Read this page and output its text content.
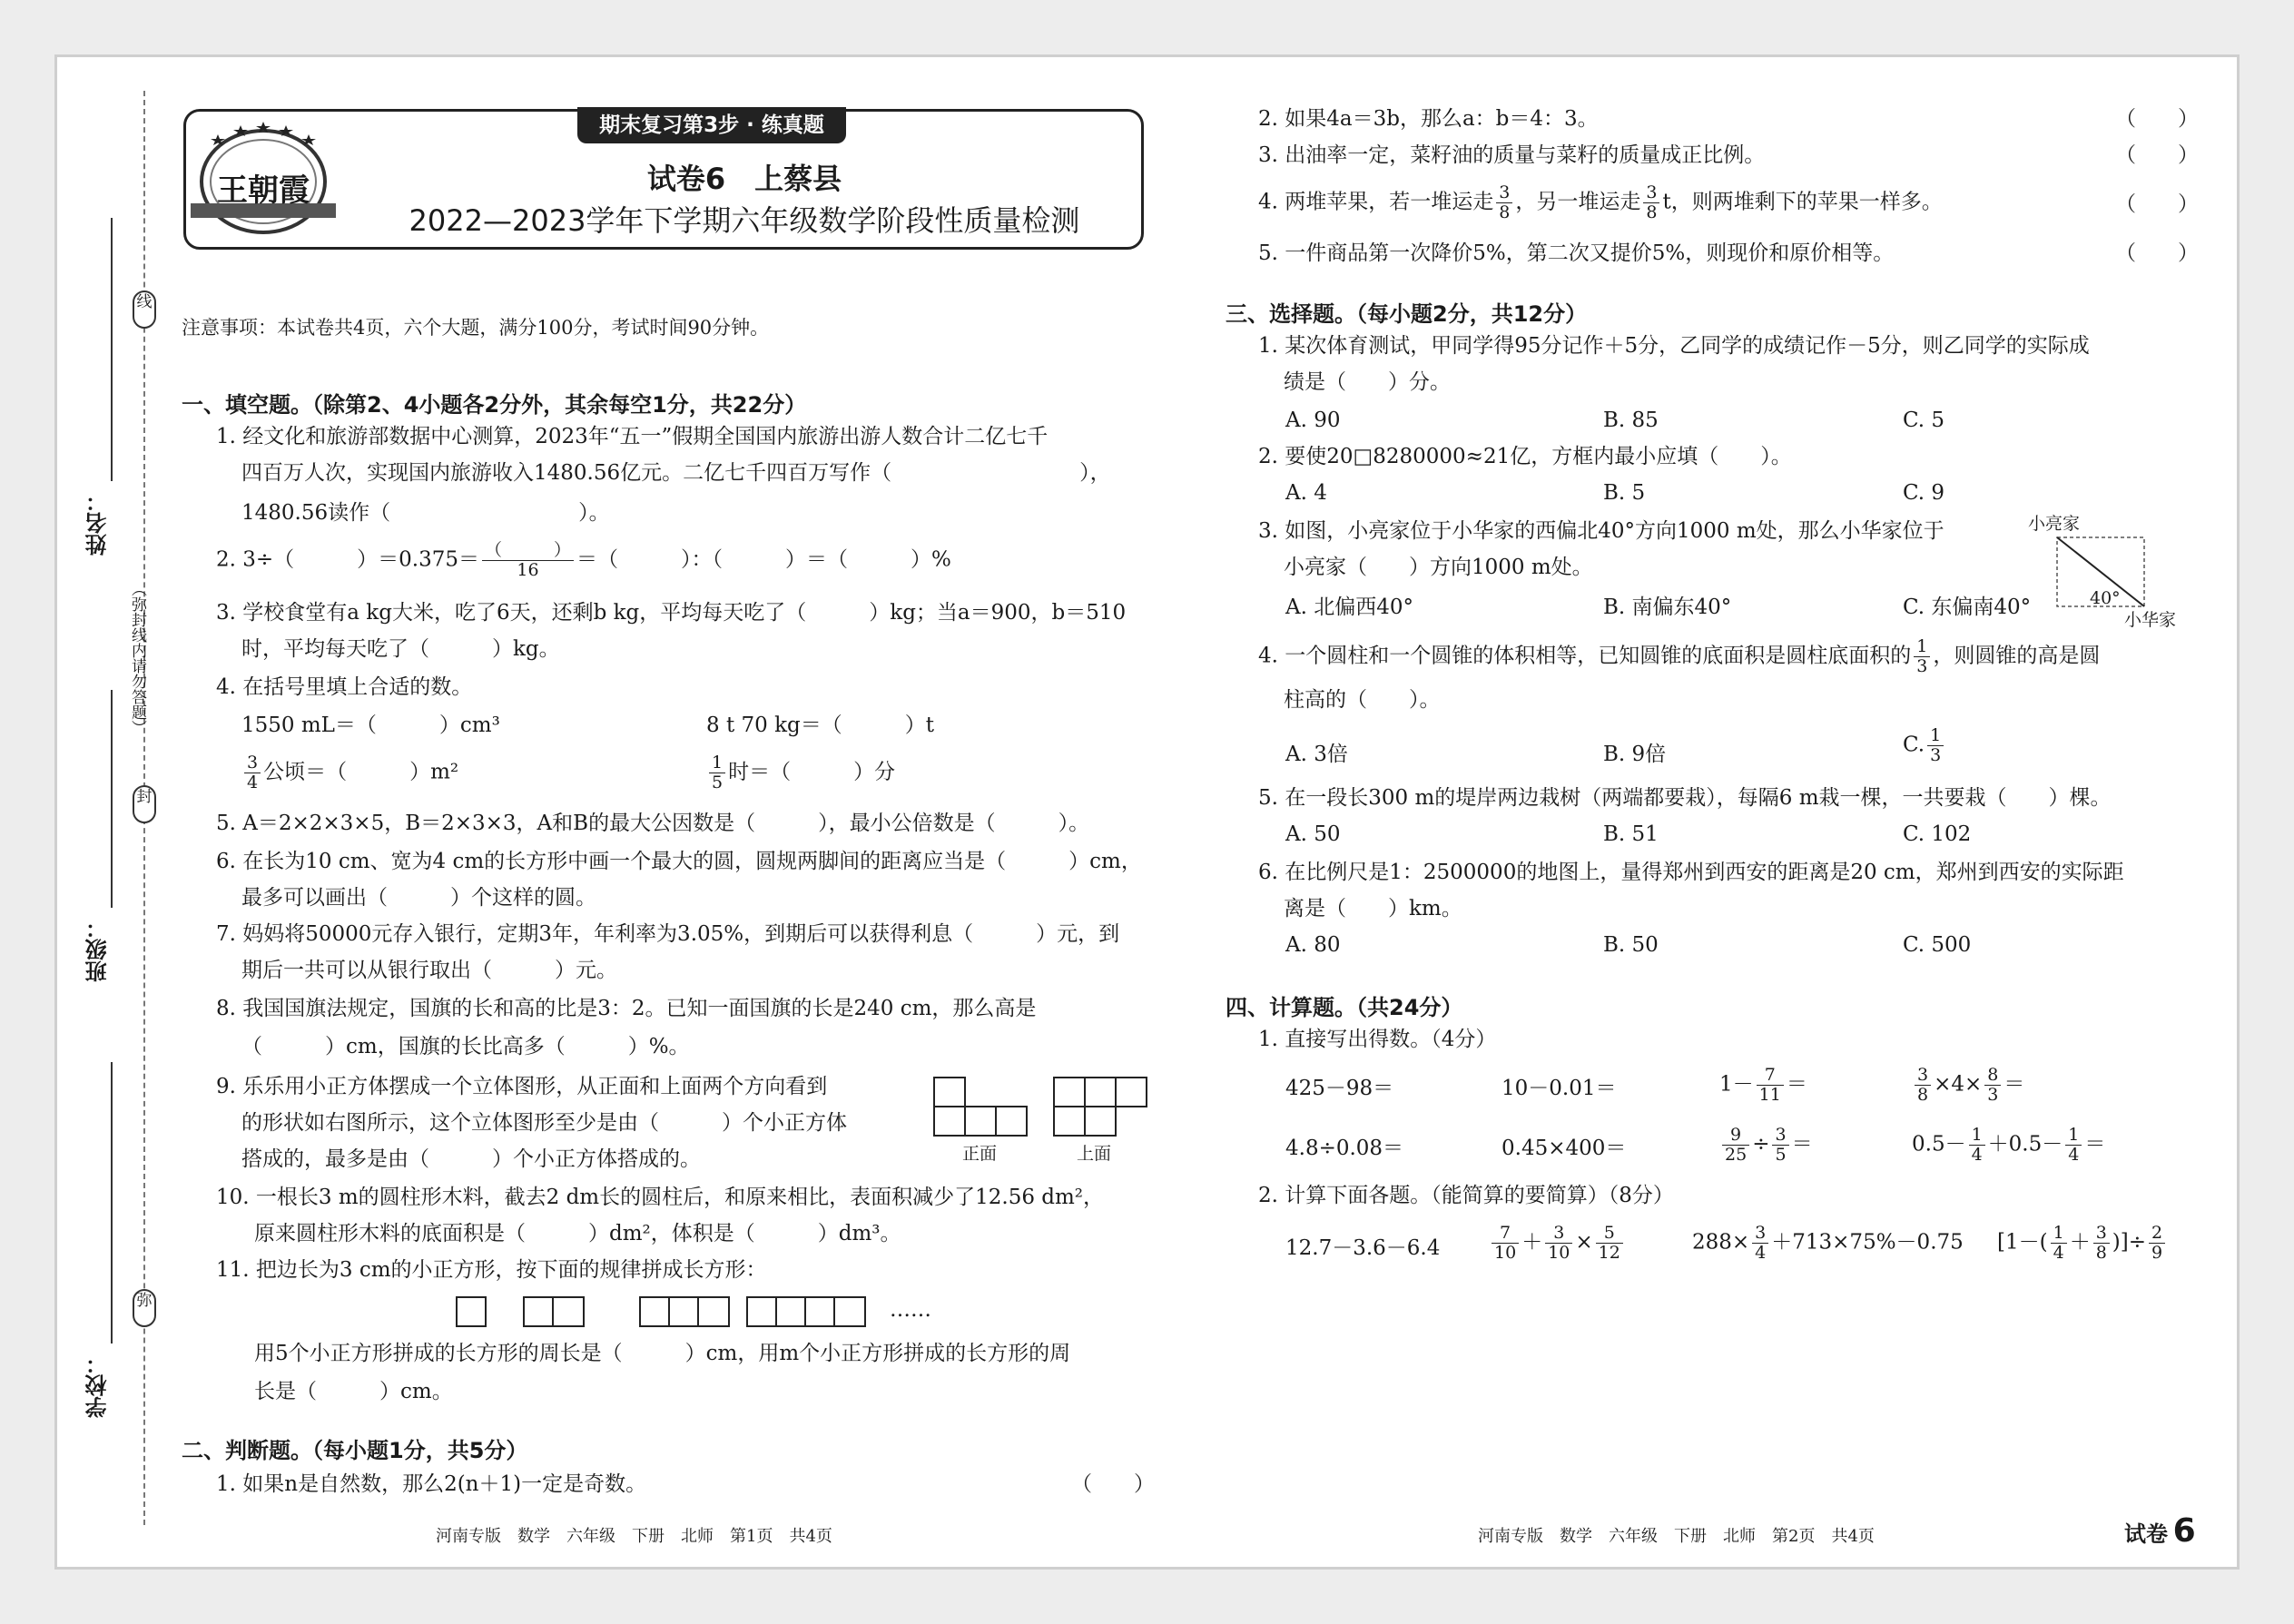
线
封
弥
（弥封线内请勿答题）
姓名：
班级：
学校：
王朝霞
期末复习第3步 · 练真题
试卷6　上蔡县
2022—2023学年下学期六年级数学阶段性质量检测
注意事项：本试卷共4页，六个大题，满分100分，考试时间90分钟。
一、填空题。（除第2、4小题各2分外，其余每空1分，共22分）
1. 经文化和旅游部数据中心测算，2023年“五一”假期全国国内旅游出游人数合计二亿七千
四百万人次，实现国内旅游收入1480.56亿元。二亿七千四百万写作（　　　　　　　　　），
1480.56读作（　　　　　　　　　）。
2. 3÷（　　　）$=0.375= \frac{( )}{16}$ ＝（　　　）：（　　　）＝（　　　）%
3. 学校食堂有a kg大米，吃了6天，还剩b kg，平均每天吃了（　　　）kg；当a＝900，b＝510
时，平均每天吃了（　　　）kg。
4. 在括号里填上合适的数。
1550 mL＝（　　　）cm³	8 t 70 kg＝（　　　）t
$\frac{3}{4}$ 公顷＝（　　　）m²	$\frac{1}{5}$ 时＝（　　　）分
5. A＝2×2×3×5，B＝2×3×3，A和B的最大公因数是（　　　），最小公倍数是（　　　）。
6. 在长为10 cm、宽为4 cm的长方形中画一个最大的圆，圆规两脚间的距离应当是（　　　）cm，
最多可以画出（　　　）个这样的圆。
7. 妈妈将50000元存入银行，定期3年，年利率为3.05%，到期后可以获得利息（　　　）元，到
期后一共可以从银行取出（　　　）元。
8. 我国国旗法规定，国旗的长和高的比是3：2。已知一面国旗的长是240 cm，那么高是
（　　　）cm，国旗的长比高多（　　　）%。
9. 乐乐用小正方体摆成一个立体图形，从正面和上面两个方向看到
的形状如右图所示，这个立体图形至少是由（　　　）个小正方体
搭成的，最多是由（　　　）个小正方体搭成的。

			正面

			上面
10. 一根长3 m的圆柱形木料，截去2 dm长的圆柱后，和原来相比，表面积减少了12.56 dm²，
原来圆柱形木料的底面积是（　　　）dm²，体积是（　　　）dm³。
11. 把边长为3 cm的小正方形，按下面的规律拼成长方形：
……
用5个小正方形拼成的长方形的周长是（　　　）cm，用m个小正方形拼成的长方形的周
长是（　　　）cm。
二、判断题。（每小题1分，共5分）
1. 如果n是自然数，那么2(n＋1)一定是奇数。	（　　）
河南专版　数学　六年级　下册　北师　第1页　共4页
2. 如果4a＝3b，那么a：b＝4：3。	（　　）
3. 出油率一定，菜籽油的质量与菜籽的质量成正比例。	（　　）
4. 两堆苹果，若一堆运走 $\frac{3}{8}$ ，另一堆运走 $\frac{3}{8}$ t，则两堆剩下的苹果一样多。	（　　）
5. 一件商品第一次降价5%，第二次又提价5%，则现价和原价相等。	（　　）
三、选择题。（每小题2分，共12分）
1. 某次体育测试，甲同学得95分记作＋5分，乙同学的成绩记作－5分，则乙同学的实际成
绩是（　　）分。
A. 90	B. 85	C. 5
2. 要使20□8280000≈21亿，方框内最小应填（　　）。
A. 4	B. 5	C. 9
3. 如图，小亮家位于小华家的西偏北40°方向1000 m处，那么小华家位于
小亮家（　　）方向1000 m处。
A. 北偏西40°	B. 南偏东40°	C. 东偏南40°
小亮家
小华家
40°
4. 一个圆柱和一个圆锥的体积相等，已知圆锥的底面积是圆柱底面积的 $\frac{1}{3}$ ，则圆锥的高是圆
柱高的（　　）。
A. 3倍	B. 9倍	C. $\frac{1}{3}$
5. 在一段长300 m的堤岸两边栽树（两端都要栽），每隔6 m栽一棵，一共要栽（　　）棵。
A. 50	B. 51	C. 102
6. 在比例尺是1：2500000的地图上，量得郑州到西安的距离是20 cm，郑州到西安的实际距
离是（　　）km。
A. 80	B. 50	C. 500
四、计算题。（共24分）
1. 直接写出得数。（4分）
425－98＝	10－0.01＝	$1- \frac{7}{11}$ ＝	$\frac{3}{8} \times 4\times \frac{8}{3}$ ＝
4.8÷0.08＝	0.45×400＝	$\frac{9}{25} \div \frac{3}{5}$ ＝	$0.5- \frac{1}{4} +0.5- \frac{1}{4}$ ＝
2. 计算下面各题。（能简算的要简算）（8分）
12.7－3.6－6.4	$\frac{7}{10} + \frac{3}{10} \times \frac{5}{12}$	$288\times \frac{3}{4} +713\times 75\%-0.75$ [$1-( \frac{1}{4} + \frac{3}{8}$ )]÷ $\frac{2}{9}$
河南专版　数学　六年级　下册　北师　第2页　共4页	试卷 6
